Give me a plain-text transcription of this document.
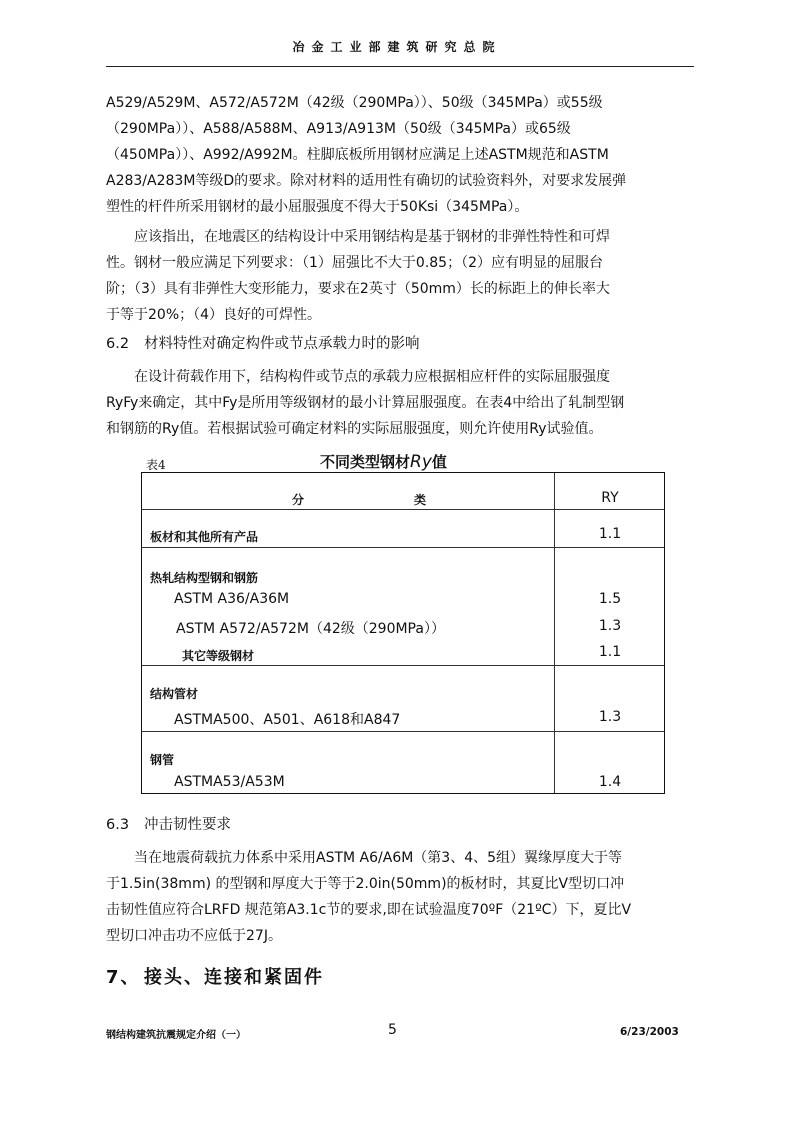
冶金工业部建筑研究总院
A529/A529M、A572/A572M（42级（290MPa））、50级（345MPa）或55级
（290MPa））、A588/A588M、A913/A913M（50级（345MPa）或65级
（450MPa））、A992/A992M。柱脚底板所用钢材应满足上述ASTM规范和ASTM
A283/A283M等级D的要求。除对材料的适用性有确切的试验资料外，对要求发展弹
塑性的杆件所采用钢材的最小屈服强度不得大于50Ksi（345MPa）。
　　应该指出，在地震区的结构设计中采用钢结构是基于钢材的非弹性特性和可焊
性。钢材一般应满足下列要求：（1）屈强比不大于0.85；（2）应有明显的屈服台
阶；（3）具有非弹性大变形能力，要求在2英寸（50mm）长的标距上的伸长率大
于等于20%；（4）良好的可焊性。
6.2 材料特性对确定构件或节点承载力时的影响
　　在设计荷载作用下，结构构件或节点的承载力应根据相应杆件的实际屈服强度
RyFy来确定，其中Fy是所用等级钢材的最小计算屈服强度。在表4中给出了轧制型钢
和钢筋的Ry值。若根据试验可确定材料的实际屈服强度，则允许使用Ry试验值。
表4	不同类型钢材Ry值
分	类	RY
板材和其他所有产品	1.1
热轧结构型钢和钢筋
ASTM A36/A36M	1.5
ASTM A572/A572M（42级（290MPa））	1.3
其它等级钢材	1.1
结构管材
ASTMA500、A501、A618和A847	1.3
钢管
ASTMA53/A53M	1.4
6.3 冲击韧性要求
　　当在地震荷载抗力体系中采用ASTM A6/A6M（第3、4、5组）翼缘厚度大于等
于1.5in(38mm) 的型钢和厚度大于等于2.0in(50mm)的板材时，其夏比V型切口冲
击韧性值应符合LRFD 规范第A3.1c节的要求,即在试验温度70ºF（21ºC）下，夏比V
型切口冲击功不应低于27J。
7、 接头、连接和紧固件
钢结构建筑抗震规定介绍（一）	5	6/23/2003
